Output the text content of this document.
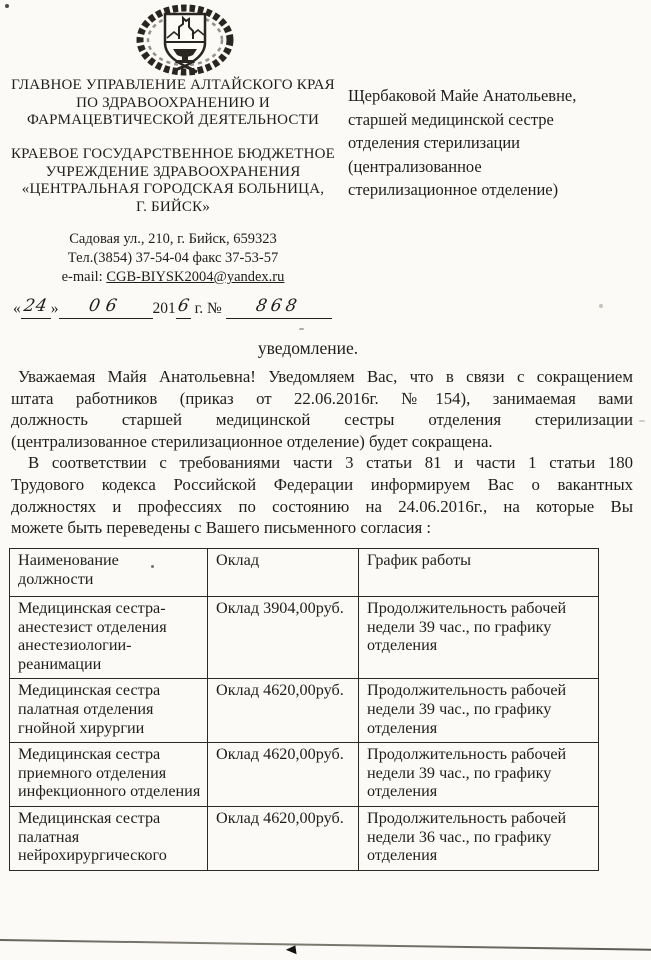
ГЛАВНОЕ УПРАВЛЕНИЕ АЛТАЙСКОГО КРАЯ
ПО ЗДРАВООХРАНЕНИЮ И
ФАРМАЦЕВТИЧЕСКОЙ ДЕЯТЕЛЬНОСТИ
КРАЕВОЕ ГОСУДАРСТВЕННОЕ БЮДЖЕТНОЕ
УЧРЕЖДЕНИЕ ЗДРАВООХРАНЕНИЯ
«ЦЕНТРАЛЬНАЯ ГОРОДСКАЯ БОЛЬНИЦА,
Г. БИЙСК»
Садовая ул., 210, г. Бийск, 659323
Тел.(3854) 37-54-04 факс 37-53-57
e-mail: CGB-BIYSK2004@yandex.ru
Щербаковой Майе Анатольевне,
старшей медицинской сестре
отделения стерилизации
(централизованное
стерилизационное отделение)
«24» 06 2016 г. № 868
уведомление.
Уважаемая Майя Анатольевна! Уведомляем Вас, что в связи с сокращением
штата работников (приказ от 22.06.2016г. №154), занимаемая вами
должность старшей медицинской сестры отделения стерилизации
(централизованное стерилизационное отделение) будет сокращена.
В соответствии с требованиями части 3 статьи 81 и части 1 статьи 180
Трудового кодекса Российской Федерации информируем Вас о вакантных
должностях и профессиях по состоянию на 24.06.2016г., на которые Вы
можете быть переведены с Вашего письменного согласия :
Наименование должности	Оклад	График работы
Медицинская сестра-анестезист отделения анестезиологии-реанимации	Оклад 3904,00руб.	Продолжительность рабочей недели 39 час., по графику отделения
Медицинская сестра палатная отделения гнойной хирургии	Оклад 4620,00руб.	Продолжительность рабочей недели 39 час., по графику отделения
Медицинская сестра приемного отделения инфекционного отделения	Оклад 4620,00руб.	Продолжительность рабочей недели 39 час., по графику отделения
Медицинская сестра палатная нейрохирургического	Оклад 4620,00руб.	Продолжительность рабочей недели 36 час., по графику отделения
